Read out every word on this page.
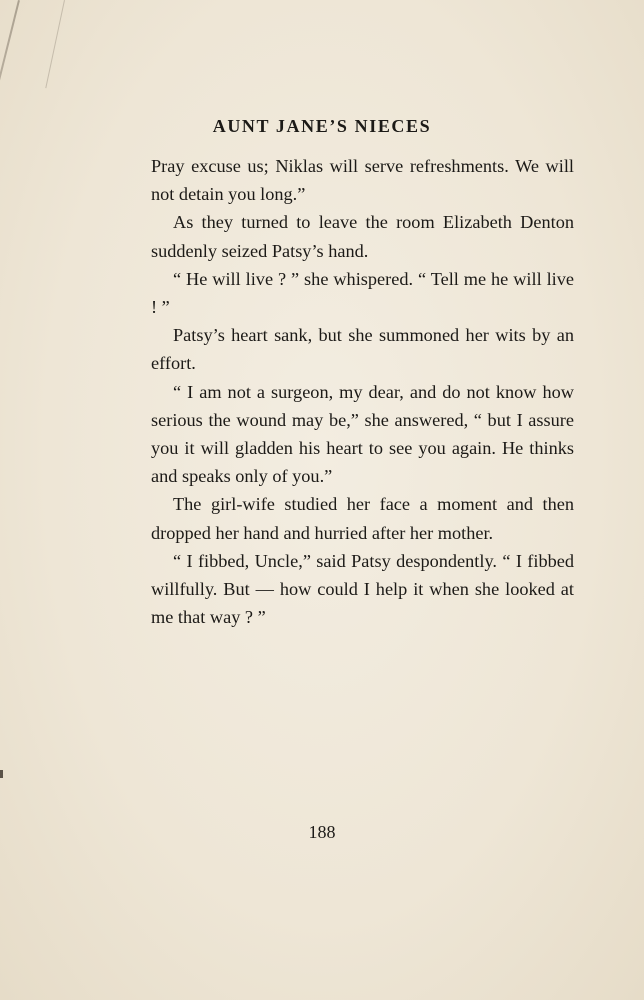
AUNT JANE’S NIECES

Pray excuse us; Niklas will serve refreshments. We will not detain you long.”

As they turned to leave the room Elizabeth Denton suddenly seized Patsy’s hand.

“ He will live ? ” she whispered. “ Tell me he will live ! ”

Patsy’s heart sank, but she summoned her wits by an effort.

“ I am not a surgeon, my dear, and do not know how serious the wound may be,” she answered, “ but I assure you it will gladden his heart to see you again. He thinks and speaks only of you.”

The girl-wife studied her face a moment and then dropped her hand and hurried after her mother.

“ I fibbed, Uncle,” said Patsy despondently. “ I fibbed willfully. But — how could I help it when she looked at me that way ? ”

188
